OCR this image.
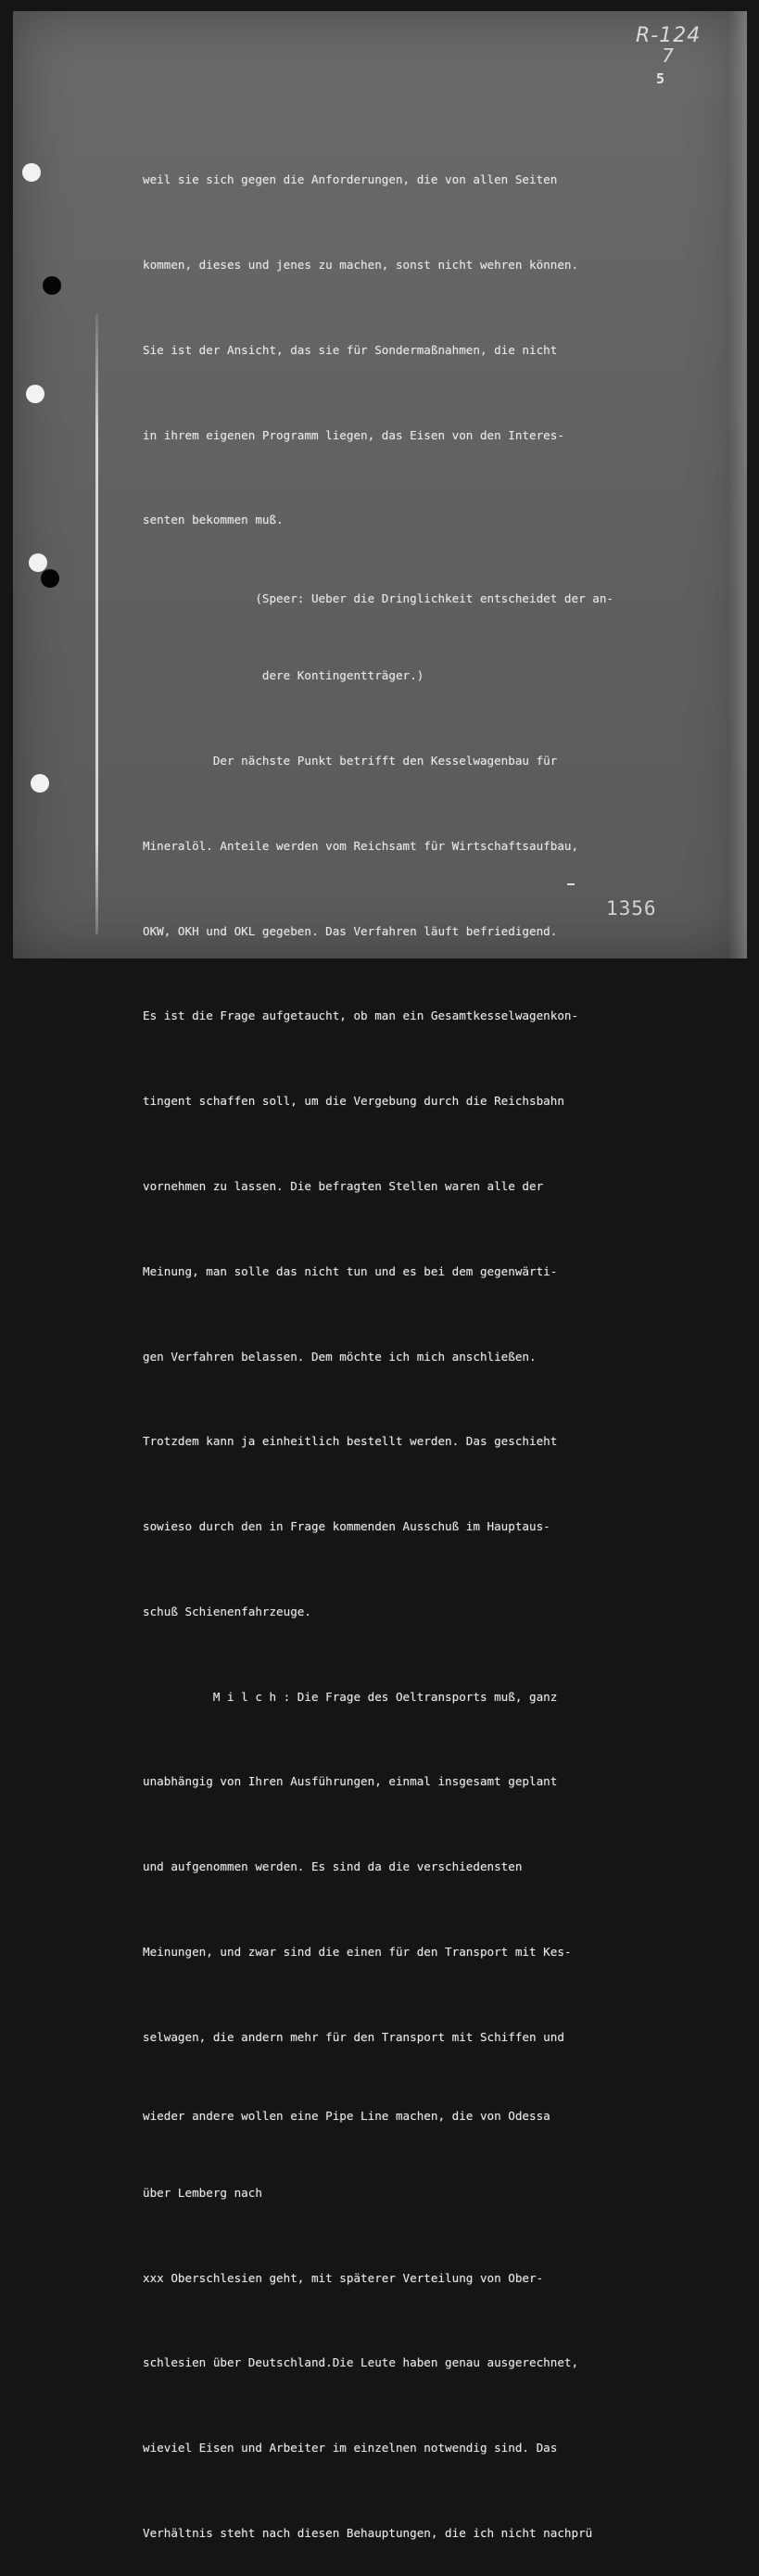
R-124
7
5
1356

weil sie sich gegen die Anforderungen, die von allen Seiten

kommen, dieses und jenes zu machen, sonst nicht wehren können.

Sie ist der Ansicht, das sie für Sondermaßnahmen, die nicht

in ihrem eigenen Programm liegen, das Eisen von den Interes-

senten bekommen muß.

(Speer: Ueber die Dringlichkeit entscheidet der an-

dere Kontingentträger.)

Der nächste Punkt betrifft den Kesselwagenbau für

Mineralöl. Anteile werden vom Reichsamt für Wirtschaftsaufbau,

OKW, OKH und OKL gegeben. Das Verfahren läuft befriedigend.

Es ist die Frage aufgetaucht, ob man ein Gesamtkesselwagenkon-

tingent schaffen soll, um die Vergebung durch die Reichsbahn

vornehmen zu lassen. Die befragten Stellen waren alle der

Meinung, man solle das nicht tun und es bei dem gegenwärti-

gen Verfahren belassen. Dem möchte ich mich anschließen.

Trotzdem kann ja einheitlich bestellt werden. Das geschieht

sowieso durch den in Frage kommenden Ausschuß im Hauptaus-

schuß Schienenfahrzeuge.

M i l c h : Die Frage des Oeltransports muß, ganz

unabhängig von Ihren Ausführungen, einmal insgesamt geplant

und aufgenommen werden. Es sind da die verschiedensten

Meinungen, und zwar sind die einen für den Transport mit Kes-

selwagen, die andern mehr für den Transport mit Schiffen und

wieder andere wollen eine Pipe Line machen, die von Odessa

über Lemberg nach

xxx Oberschlesien geht, mit späterer Verteilung von Ober-

schlesien über Deutschland.Die Leute haben genau ausgerechnet,

wieviel Eisen und Arbeiter im einzelnen notwendig sind. Das

Verhältnis steht nach diesen Behauptungen, die ich nicht nachprü
